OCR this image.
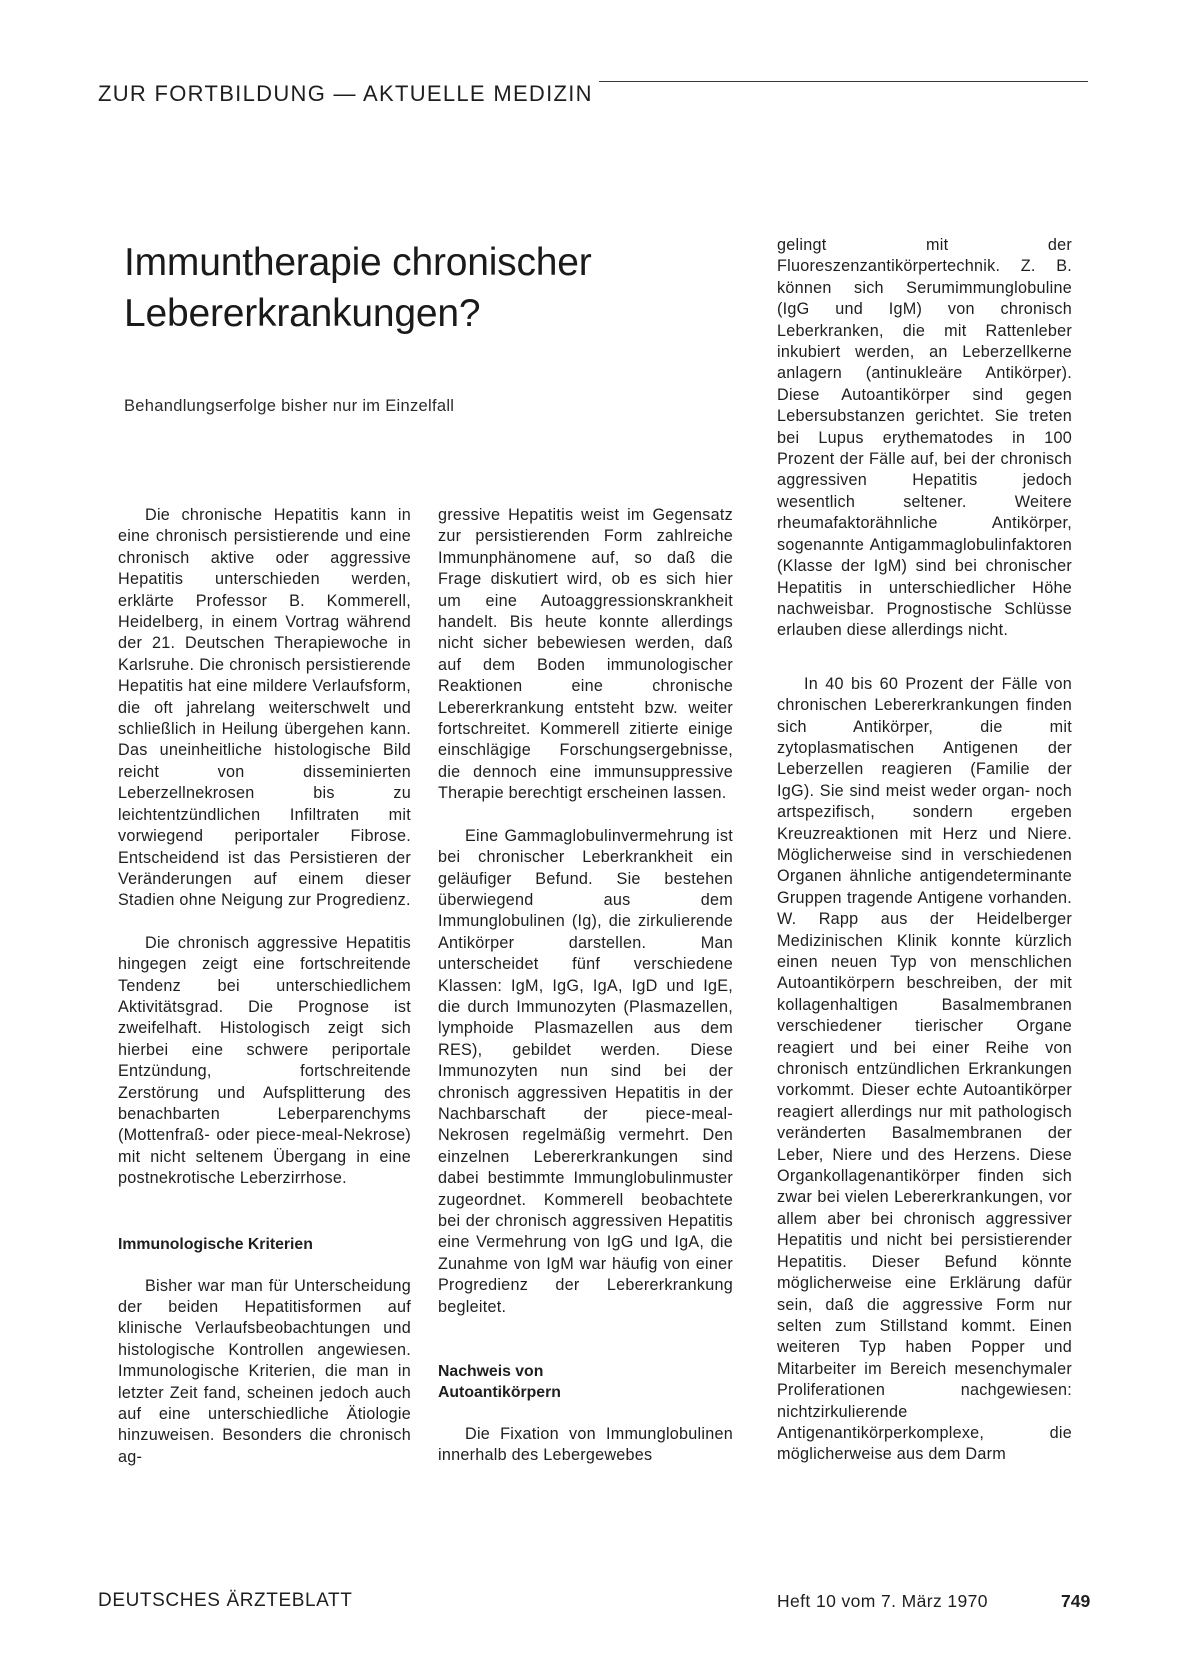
ZUR FORTBILDUNG — AKTUELLE MEDIZIN
Immuntherapie chronischer
Lebererkrankungen?
Behandlungserfolge bisher nur im Einzelfall

Die chronische Hepatitis kann in eine chronisch persistierende und eine chronisch aktive oder aggressive Hepatitis unterschieden werden, erklärte Professor B. Kommerell, Heidelberg, in einem Vortrag während der 21. Deutschen Therapiewoche in Karlsruhe. Die chronisch persistierende Hepatitis hat eine mildere Verlaufsform, die oft jahrelang weiterschwelt und schließlich in Heilung übergehen kann. Das uneinheitliche histologische Bild reicht von disseminierten Leberzellnekrosen bis zu leichtentzündlichen Infiltraten mit vorwiegend periportaler Fibrose. Entscheidend ist das Persistieren der Veränderungen auf einem dieser Stadien ohne Neigung zur Progredienz.

Die chronisch aggressive Hepatitis hingegen zeigt eine fortschreitende Tendenz bei unterschiedlichem Aktivitätsgrad. Die Prognose ist zweifelhaft. Histologisch zeigt sich hierbei eine schwere periportale Entzündung, fortschreitende Zerstörung und Aufsplitterung des benachbarten Leberparenchyms (Mottenfraß- oder piece-meal-Nekrose) mit nicht seltenem Übergang in eine postnekrotische Leberzirrhose.

Immunologische Kriterien

Bisher war man für Unterscheidung der beiden Hepatitisformen auf klinische Verlaufsbeobachtungen und histologische Kontrollen angewiesen. Immunologische Kriterien, die man in letzter Zeit fand, scheinen jedoch auch auf eine unterschiedliche Ätiologie hinzuweisen. Besonders die chronisch ag-

gressive Hepatitis weist im Gegensatz zur persistierenden Form zahlreiche Immunphänomene auf, so daß die Frage diskutiert wird, ob es sich hier um eine Autoaggressionskrankheit handelt. Bis heute konnte allerdings nicht sicher bebewiesen werden, daß auf dem Boden immunologischer Reaktionen eine chronische Lebererkrankung entsteht bzw. weiter fortschreitet. Kommerell zitierte einige einschlägige Forschungsergebnisse, die dennoch eine immunsuppressive Therapie berechtigt erscheinen lassen.

Eine Gammaglobulinvermehrung ist bei chronischer Leberkrankheit ein geläufiger Befund. Sie bestehen überwiegend aus dem Immunglobulinen (Ig), die zirkulierende Antikörper darstellen. Man unterscheidet fünf verschiedene Klassen: IgM, IgG, IgA, IgD und IgE, die durch Immunozyten (Plasmazellen, lymphoide Plasmazellen aus dem RES), gebildet werden. Diese Immunozyten nun sind bei der chronisch aggressiven Hepatitis in der Nachbarschaft der piece-meal-Nekrosen regelmäßig vermehrt. Den einzelnen Lebererkrankungen sind dabei bestimmte Immunglobulinmuster zugeordnet. Kommerell beobachtete bei der chronisch aggressiven Hepatitis eine Vermehrung von IgG und IgA, die Zunahme von IgM war häufig von einer Progredienz der Lebererkrankung begleitet.

Nachweis von
Autoantikörpern

Die Fixation von Immunglobulinen innerhalb des Lebergewebes

gelingt mit der Fluoreszenzantikörpertechnik. Z. B. können sich Serumimmunglobuline (IgG und IgM) von chronisch Leberkranken, die mit Rattenleber inkubiert werden, an Leberzellkerne anlagern (antinukleäre Antikörper). Diese Autoantikörper sind gegen Lebersubstanzen gerichtet. Sie treten bei Lupus erythematodes in 100 Prozent der Fälle auf, bei der chronisch aggressiven Hepatitis jedoch wesentlich seltener. Weitere rheumafaktorähnliche Antikörper, sogenannte Antigammaglobulinfaktoren (Klasse der IgM) sind bei chronischer Hepatitis in unterschiedlicher Höhe nachweisbar. Prognostische Schlüsse erlauben diese allerdings nicht.

In 40 bis 60 Prozent der Fälle von chronischen Lebererkrankungen finden sich Antikörper, die mit zytoplasmatischen Antigenen der Leberzellen reagieren (Familie der IgG). Sie sind meist weder organ- noch artspezifisch, sondern ergeben Kreuzreaktionen mit Herz und Niere. Möglicherweise sind in verschiedenen Organen ähnliche antigendeterminante Gruppen tragende Antigene vorhanden. W. Rapp aus der Heidelberger Medizinischen Klinik konnte kürzlich einen neuen Typ von menschlichen Autoantikörpern beschreiben, der mit kollagenhaltigen Basalmembranen verschiedener tierischer Organe reagiert und bei einer Reihe von chronisch entzündlichen Erkrankungen vorkommt. Dieser echte Autoantikörper reagiert allerdings nur mit pathologisch veränderten Basalmembranen der Leber, Niere und des Herzens. Diese Organkollagenantikörper finden sich zwar bei vielen Lebererkrankungen, vor allem aber bei chronisch aggressiver Hepatitis und nicht bei persistierender Hepatitis. Dieser Befund könnte möglicherweise eine Erklärung dafür sein, daß die aggressive Form nur selten zum Stillstand kommt. Einen weiteren Typ haben Popper und Mitarbeiter im Bereich mesenchymaler Proliferationen nachgewiesen: nichtzirkulierende Antigenantikörperkomplexe, die möglicherweise aus dem Darm

DEUTSCHES ÄRZTEBLATT	Heft 10 vom 7. März 1970	749
